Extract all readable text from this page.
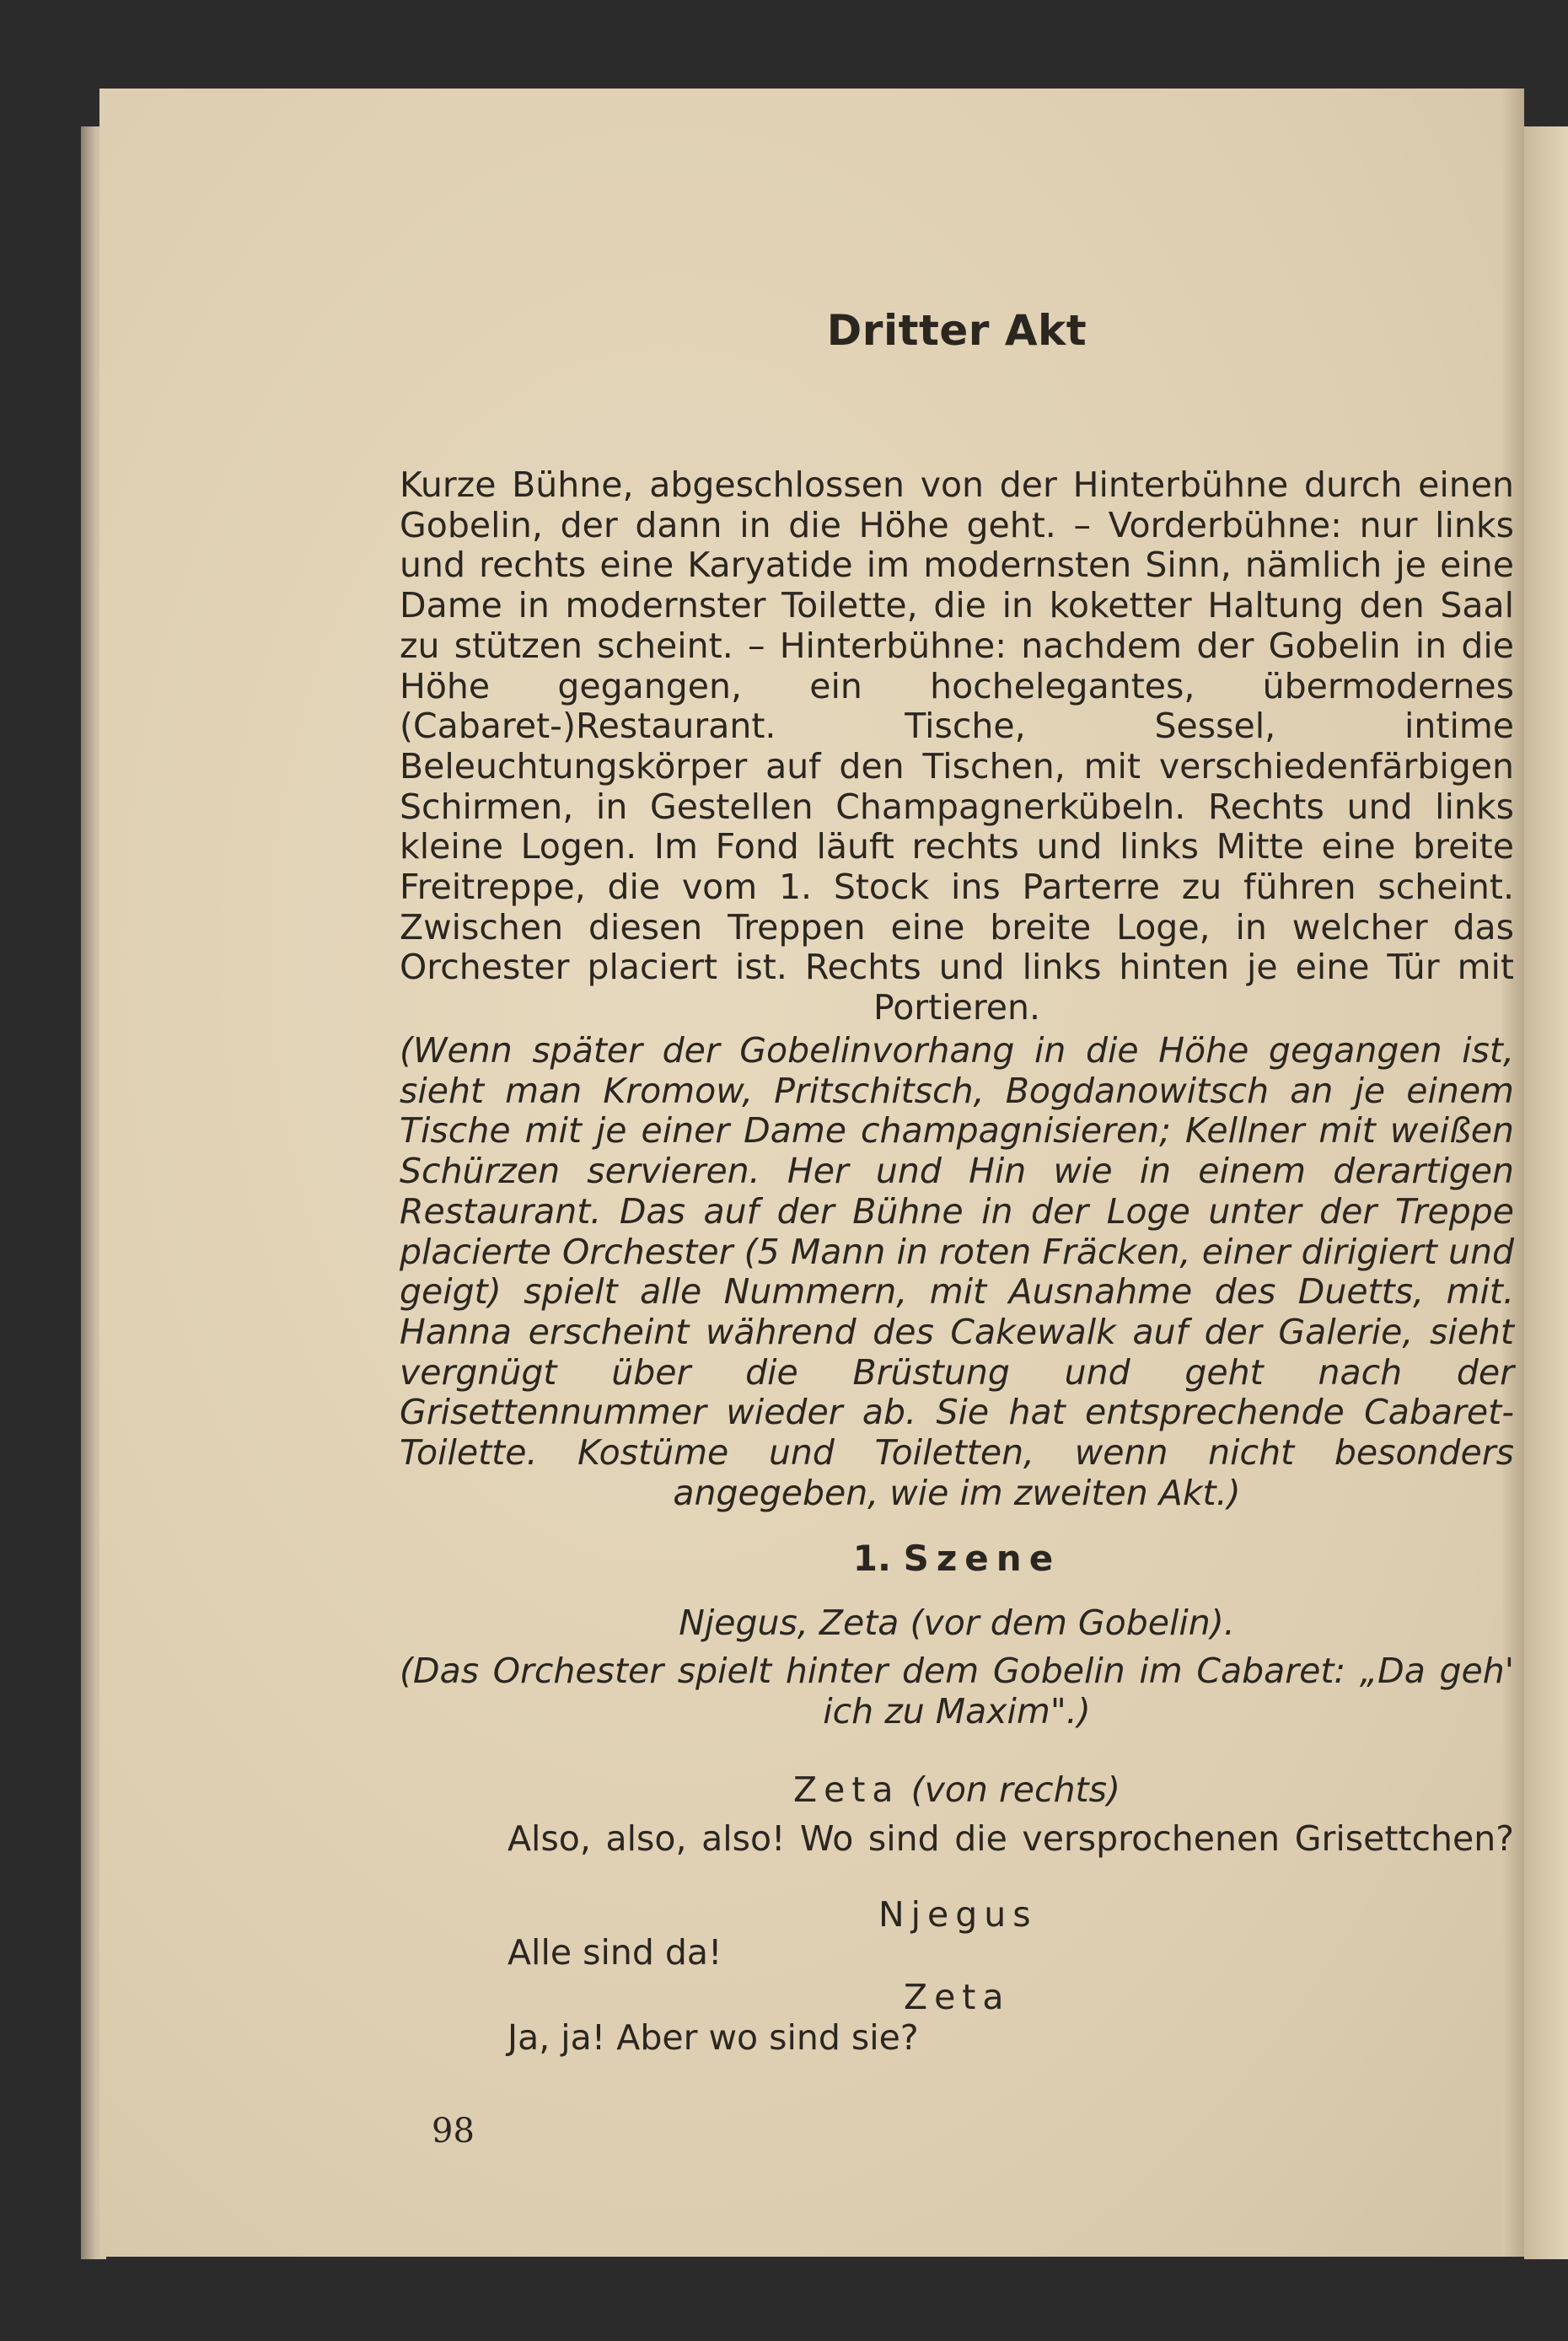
Dritter Akt

Kurze Bühne, abgeschlossen von der Hinterbühne durch einen Gobelin, der dann in die Höhe geht. – Vorderbühne: nur links und rechts eine Karyatide im modernsten Sinn, nämlich je eine Dame in modernster Toilette, die in koketter Haltung den Saal zu stützen scheint. – Hinterbühne: nachdem der Gobelin in die Höhe gegangen, ein hochelegantes, übermodernes (Cabaret-)Restaurant. Tische, Sessel, intime Beleuchtungskörper auf den Tischen, mit verschiedenfärbigen Schirmen, in Gestellen Champagnerkübeln. Rechts und links kleine Logen. Im Fond läuft rechts und links Mitte eine breite Freitreppe, die vom 1. Stock ins Parterre zu führen scheint. Zwischen diesen Treppen eine breite Loge, in welcher das Orchester placiert ist. Rechts und links hinten je eine Tür mit Portieren.

(Wenn später der Gobelinvorhang in die Höhe gegangen ist, sieht man Kromow, Pritschitsch, Bogdanowitsch an je einem Tische mit je einer Dame champagnisieren; Kellner mit weißen Schürzen servieren. Her und Hin wie in einem derartigen Restaurant. Das auf der Bühne in der Loge unter der Treppe placierte Orchester (5 Mann in roten Fräcken, einer dirigiert und geigt) spielt alle Nummern, mit Ausnahme des Duetts, mit. Hanna erscheint während des Cakewalk auf der Galerie, sieht vergnügt über die Brüstung und geht nach der Grisettennummer wieder ab. Sie hat entsprechende Cabaret-Toilette. Kostüme und Toiletten, wenn nicht besonders angegeben, wie im zweiten Akt.)

1. Szene
Njegus, Zeta (vor dem Gobelin).
(Das Orchester spielt hinter dem Gobelin im Cabaret: „Da geh' ich zu Maxim".)
Zeta (von rechts)
Also, also, also! Wo sind die versprochenen Grisettchen?
Njegus
Alle sind da!
Zeta
Ja, ja! Aber wo sind sie?
98
